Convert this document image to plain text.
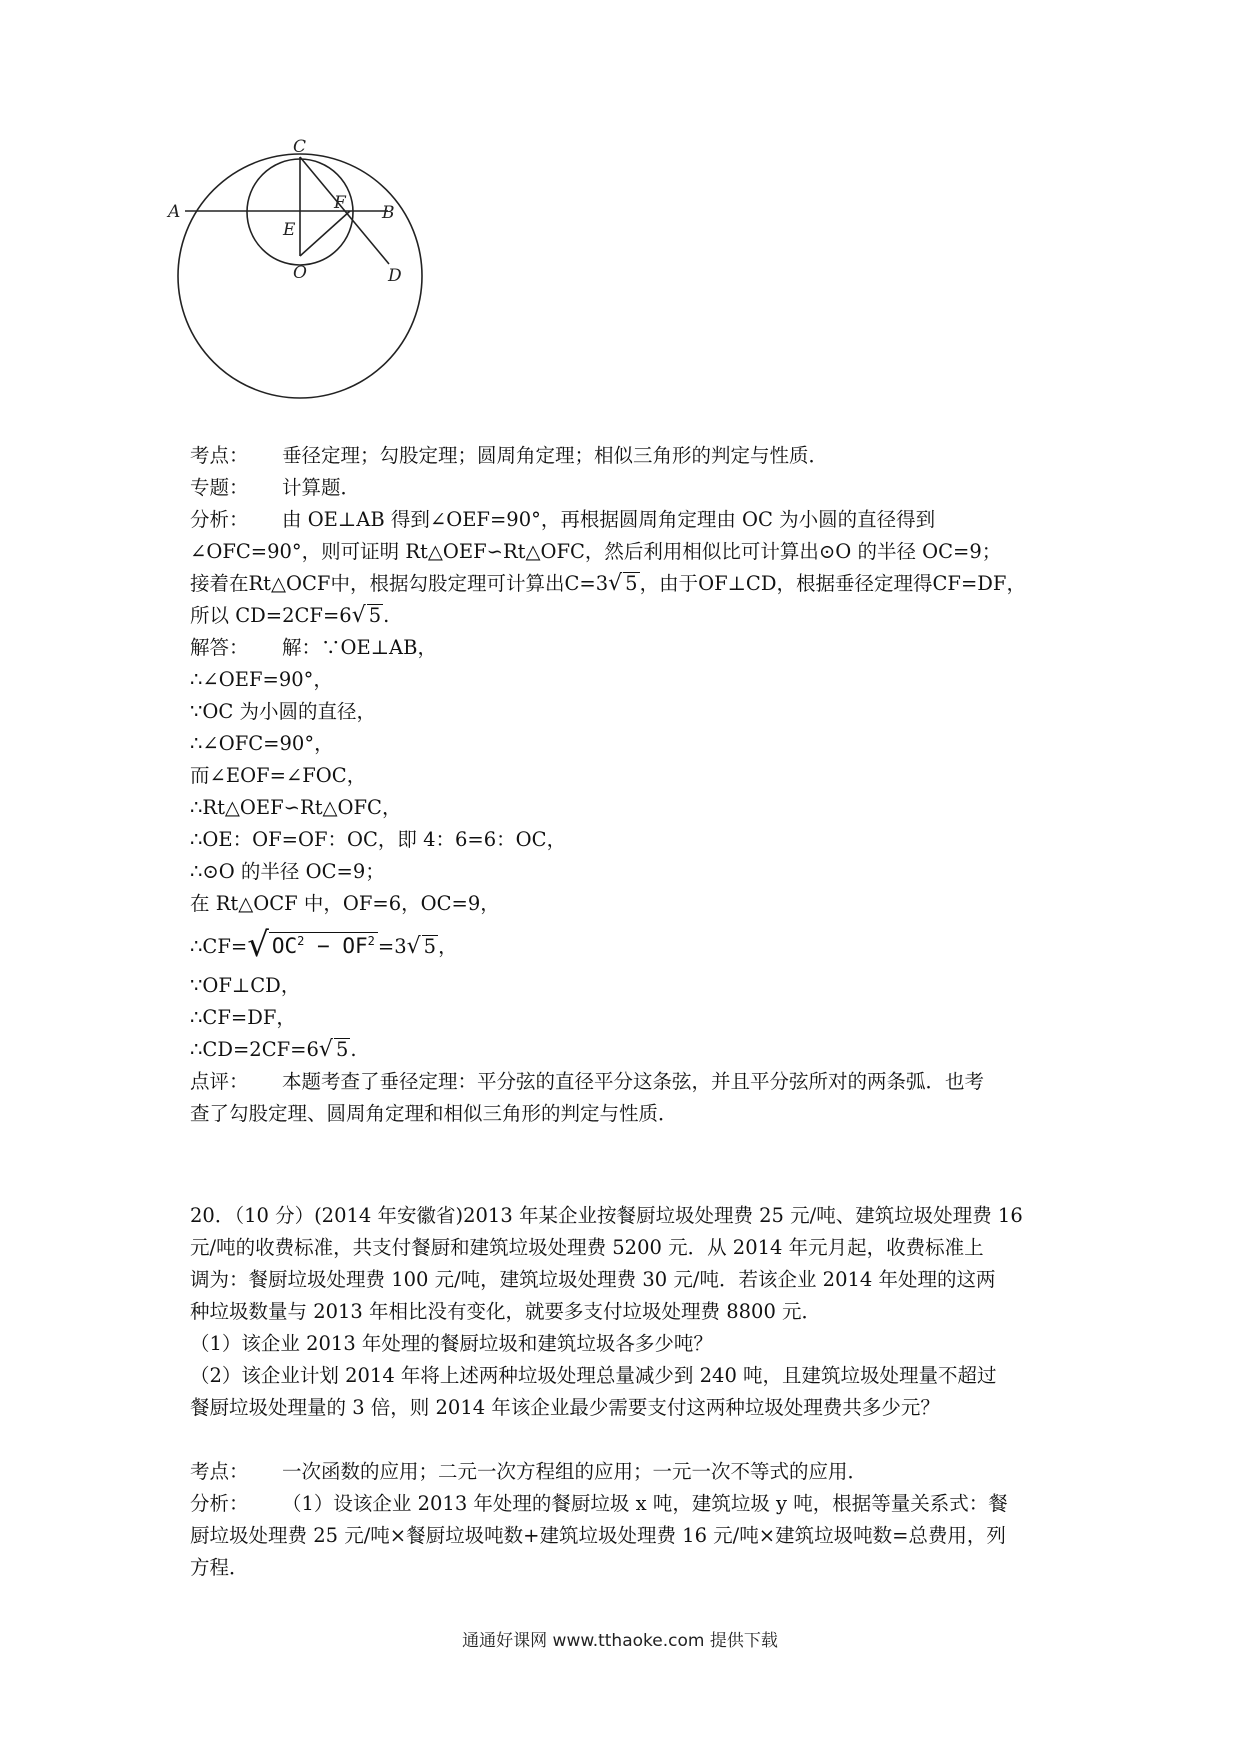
C
A	B
F
E
O	D
考点： 垂径定理；勾股定理；圆周角定理；相似三角形的判定与性质．
专题： 计算题．
分析： 由 OE⊥AB 得到∠OEF=90°，再根据圆周角定理由 OC 为小圆的直径得到
∠OFC=90°，则可证明 Rt△OEF∽Rt△OFC，然后利用相似比可计算出⊙O 的半径 OC=9；
接着在Rt△OCF中，根据勾股定理可计算出C=3√ 5 ，由于OF⊥CD，根据垂径定理得CF=DF，
所以 CD=2CF=6√ 5 .
解答： 解：∵OE⊥AB，
∴∠OEF=90°，
∵OC 为小圆的直径，
∴∠OFC=90°，
而∠EOF=∠FOC，
∴Rt△OEF∽Rt△OFC，
∴OE：OF=OF：OC，即 4：6=6：OC，
∴⊙O 的半径 OC=9；
在 Rt△OCF 中，OF=6，OC=9，
∴CF=√ $OC^2 - OF^2 =3√$ 5 ，
∵OF⊥CD，
∴CF=DF，
∴CD=2CF=6√ 5 .
点评： 本题考查了垂径定理：平分弦的直径平分这条弦，并且平分弦所对的两条弧．也考
查了勾股定理、圆周角定理和相似三角形的判定与性质．
20．（10 分）(2014 年安徽省)2013 年某企业按餐厨垃圾处理费 25 元/吨、建筑垃圾处理费 16
元/吨的收费标准，共支付餐厨和建筑垃圾处理费 5200 元．从 2014 年元月起，收费标准上
调为：餐厨垃圾处理费 100 元/吨，建筑垃圾处理费 30 元/吨．若该企业 2014 年处理的这两
种垃圾数量与 2013 年相比没有变化，就要多支付垃圾处理费 8800 元．
（1）该企业 2013 年处理的餐厨垃圾和建筑垃圾各多少吨？
（2）该企业计划 2014 年将上述两种垃圾处理总量减少到 240 吨，且建筑垃圾处理量不超过
餐厨垃圾处理量的 3 倍，则 2014 年该企业最少需要支付这两种垃圾处理费共多少元？
考点： 一次函数的应用；二元一次方程组的应用；一元一次不等式的应用．
分析： （1）设该企业 2013 年处理的餐厨垃圾 x 吨，建筑垃圾 y 吨，根据等量关系式：餐
厨垃圾处理费 25 元/吨×餐厨垃圾吨数+建筑垃圾处理费 16 元/吨×建筑垃圾吨数=总费用，列
方程．
通通好课网 www.tthaoke.com 提供下载
